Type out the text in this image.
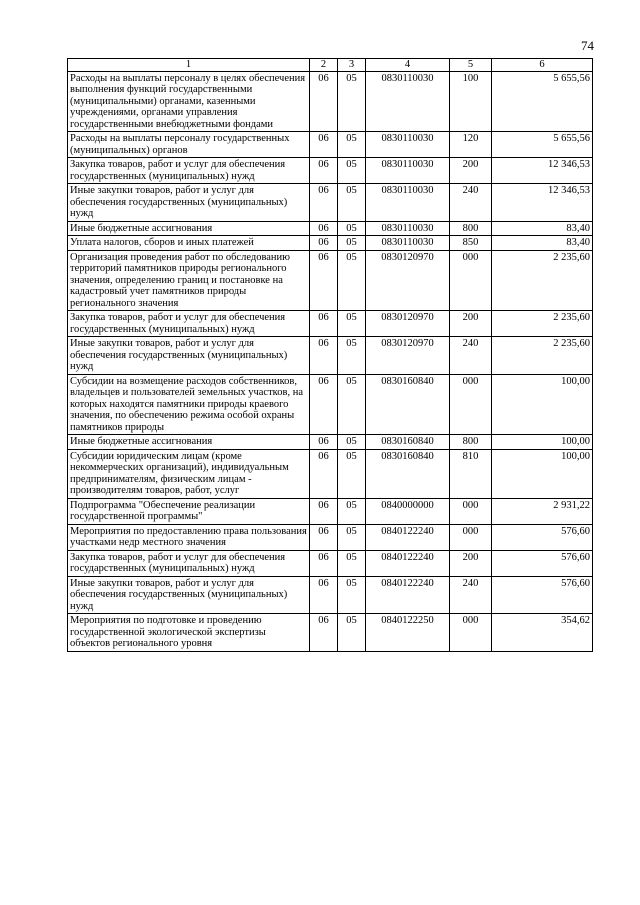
74
1	2	3	4	5	6
Расходы на выплаты персоналу в целях обеспечения выполнения функций государственными (муниципальными) органами, казенными учреждениями, органами управления государственными внебюджетными фондами	06	05	0830110030	100	5 655,56
Расходы на выплаты персоналу государственных (муниципальных) органов	06	05	0830110030	120	5 655,56
Закупка товаров, работ и услуг для обеспечения государственных (муниципальных) нужд	06	05	0830110030	200	12 346,53
Иные закупки товаров, работ и услуг для обеспечения государственных (муниципальных) нужд	06	05	0830110030	240	12 346,53
Иные бюджетные ассигнования	06	05	0830110030	800	83,40
Уплата налогов, сборов и иных платежей	06	05	0830110030	850	83,40
Организация проведения работ по обследованию территорий памятников природы регионального значения, определению границ и постановке на кадастровый учет памятников природы регионального значения	06	05	0830120970	000	2 235,60
Закупка товаров, работ и услуг для обеспечения государственных (муниципальных) нужд	06	05	0830120970	200	2 235,60
Иные закупки товаров, работ и услуг для обеспечения государственных (муниципальных) нужд	06	05	0830120970	240	2 235,60
Субсидии на возмещение расходов собственников, владельцев и пользователей земельных участков, на которых находятся памятники природы краевого значения, по обеспечению режима особой охраны памятников природы	06	05	0830160840	000	100,00
Иные бюджетные ассигнования	06	05	0830160840	800	100,00
Субсидии юридическим лицам (кроме некоммерческих организаций), индивидуальным предпринимателям, физическим лицам - производителям товаров, работ, услуг	06	05	0830160840	810	100,00
Подпрограмма "Обеспечение реализации государственной программы"	06	05	0840000000	000	2 931,22
Мероприятия по предоставлению права пользования участками недр местного значения	06	05	0840122240	000	576,60
Закупка товаров, работ и услуг для обеспечения государственных (муниципальных) нужд	06	05	0840122240	200	576,60
Иные закупки товаров, работ и услуг для обеспечения государственных (муниципальных) нужд	06	05	0840122240	240	576,60
Мероприятия по подготовке и проведению государственной экологической экспертизы объектов регионального уровня	06	05	0840122250	000	354,62
